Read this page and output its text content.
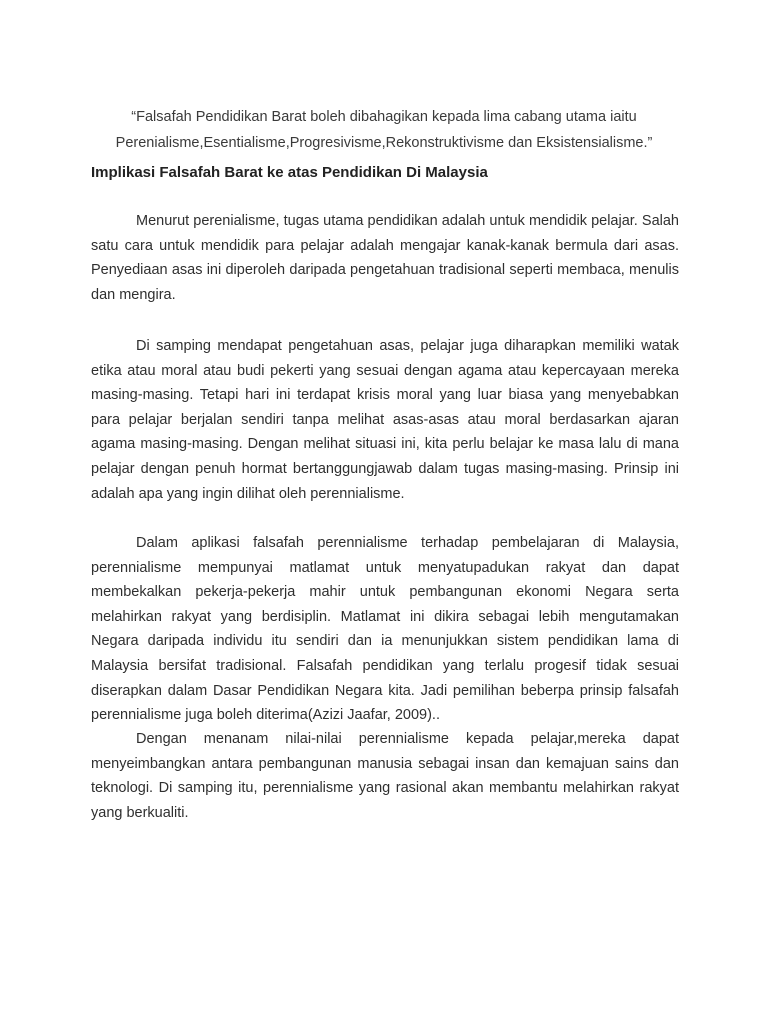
“Falsafah Pendidikan Barat boleh dibahagikan kepada lima cabang utama iaitu Perenialisme,Esentialisme,Progresivisme,Rekonstruktivisme dan Eksistensialisme.”

Implikasi Falsafah Barat ke atas Pendidikan Di Malaysia

Menurut perenialisme, tugas utama pendidikan adalah untuk mendidik pelajar. Salah satu cara untuk mendidik para pelajar adalah mengajar kanak-kanak bermula dari asas. Penyediaan asas ini diperoleh daripada pengetahuan tradisional seperti membaca, menulis dan mengira.

Di samping mendapat pengetahuan asas, pelajar juga diharapkan memiliki watak etika atau moral atau budi pekerti yang sesuai dengan agama atau kepercayaan mereka masing-masing. Tetapi hari ini terdapat krisis moral yang luar biasa yang menyebabkan para pelajar berjalan sendiri tanpa melihat asas-asas atau moral berdasarkan ajaran agama masing-masing. Dengan melihat situasi ini, kita perlu belajar ke masa lalu di mana pelajar dengan penuh hormat bertanggungjawab dalam tugas masing-masing. Prinsip ini adalah apa yang ingin dilihat oleh perennialisme.

Dalam aplikasi falsafah perennialisme terhadap pembelajaran di Malaysia, perennialisme mempunyai matlamat untuk menyatupadukan rakyat dan dapat membekalkan pekerja-pekerja mahir untuk pembangunan ekonomi Negara serta melahirkan rakyat yang berdisiplin. Matlamat ini dikira sebagai lebih mengutamakan Negara daripada individu itu sendiri dan ia menunjukkan sistem pendidikan lama di Malaysia bersifat tradisional. Falsafah pendidikan yang terlalu progesif tidak sesuai diserapkan dalam Dasar Pendidikan Negara kita. Jadi pemilihan beberpa prinsip falsafah perennialisme juga boleh diterima(Azizi Jaafar, 2009)..

Dengan menanam nilai-nilai perennialisme kepada pelajar,mereka dapat menyeimbangkan antara pembangunan manusia sebagai insan dan kemajuan sains dan teknologi. Di samping itu, perennialisme yang rasional akan membantu melahirkan rakyat yang berkualiti.
